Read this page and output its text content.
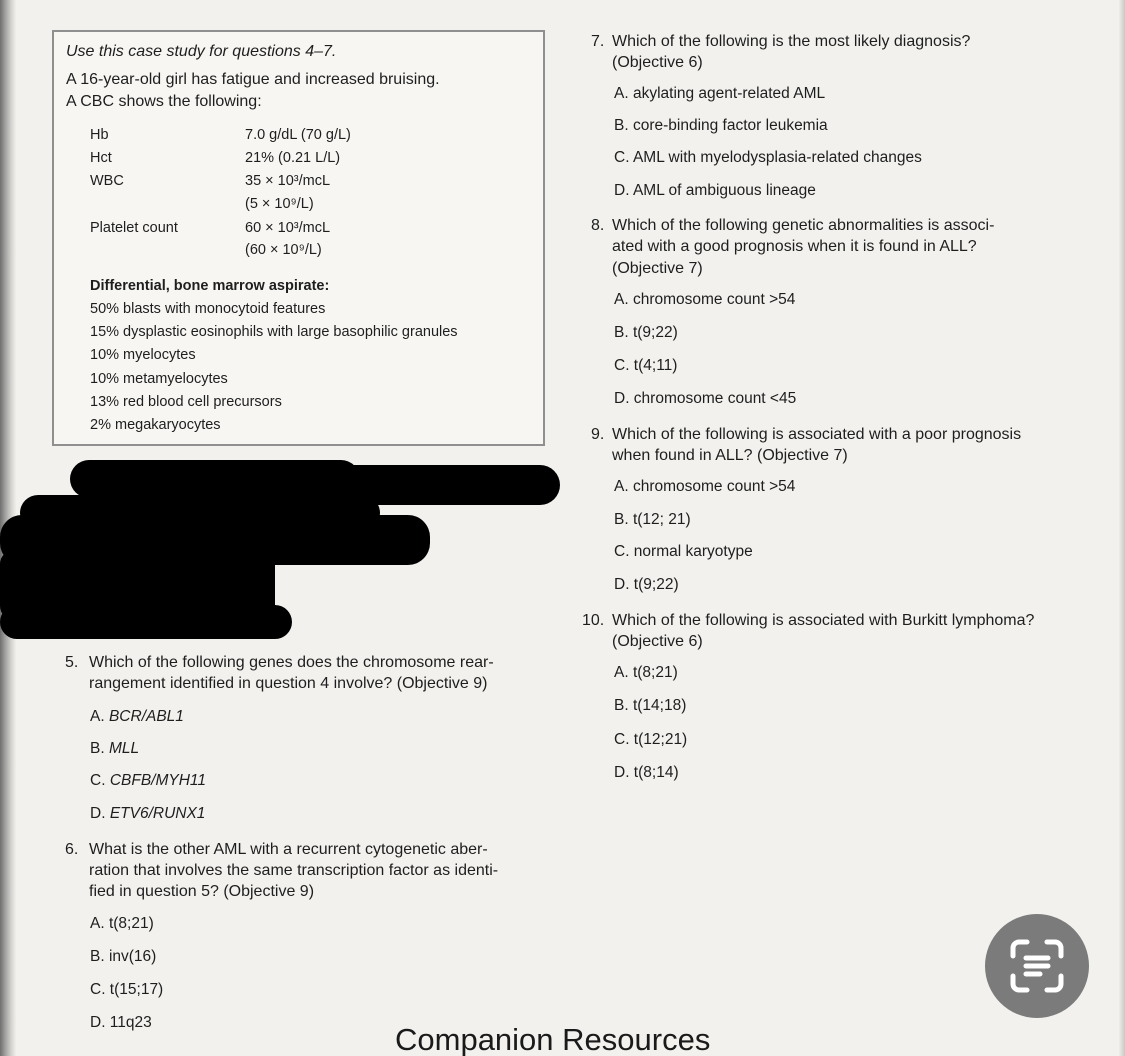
Use this case study for questions 4–7.
A 16-year-old girl has fatigue and increased bruising.
A CBC shows the following:
Hb	7.0 g/dL (70 g/L)
Hct	21% (0.21 L/L)
WBC	35 × 10³/mcL
(5 × 10⁹/L)
Platelet count	60 × 10³/mcL
(60 × 10⁹/L)
Differential, bone marrow aspirate:
50% blasts with monocytoid features
15% dysplastic eosinophils with large basophilic granules
10% myelocytes
10% metamyelocytes
13% red blood cell precursors
2% megakaryocytes
5. Which of the following genes does the chromosome rear-
rangement identified in question 4 involve? (Objective 9)
A. BCR/ABL1
B. MLL
C. CBFB/MYH11
D. ETV6/RUNX1
6. What is the other AML with a recurrent cytogenetic aber-
ration that involves the same transcription factor as identi-
fied in question 5? (Objective 9)
A. t(8;21)
B. inv(16)
C. t(15;17)
D. 11q23
7. Which of the following is the most likely diagnosis?
(Objective 6)
A. akylating agent-related AML
B. core-binding factor leukemia
C. AML with myelodysplasia-related changes
D. AML of ambiguous lineage
8. Which of the following genetic abnormalities is associ-
ated with a good prognosis when it is found in ALL?
(Objective 7)
A. chromosome count >54
B. t(9;22)
C. t(4;11)
D. chromosome count <45
9. Which of the following is associated with a poor prognosis
when found in ALL? (Objective 7)
A. chromosome count >54
B. t(12; 21)
C. normal karyotype
D. t(9;22)
10. Which of the following is associated with Burkitt lymphoma?
(Objective 6)
A. t(8;21)
B. t(14;18)
C. t(12;21)
D. t(8;14)
Companion Resources
